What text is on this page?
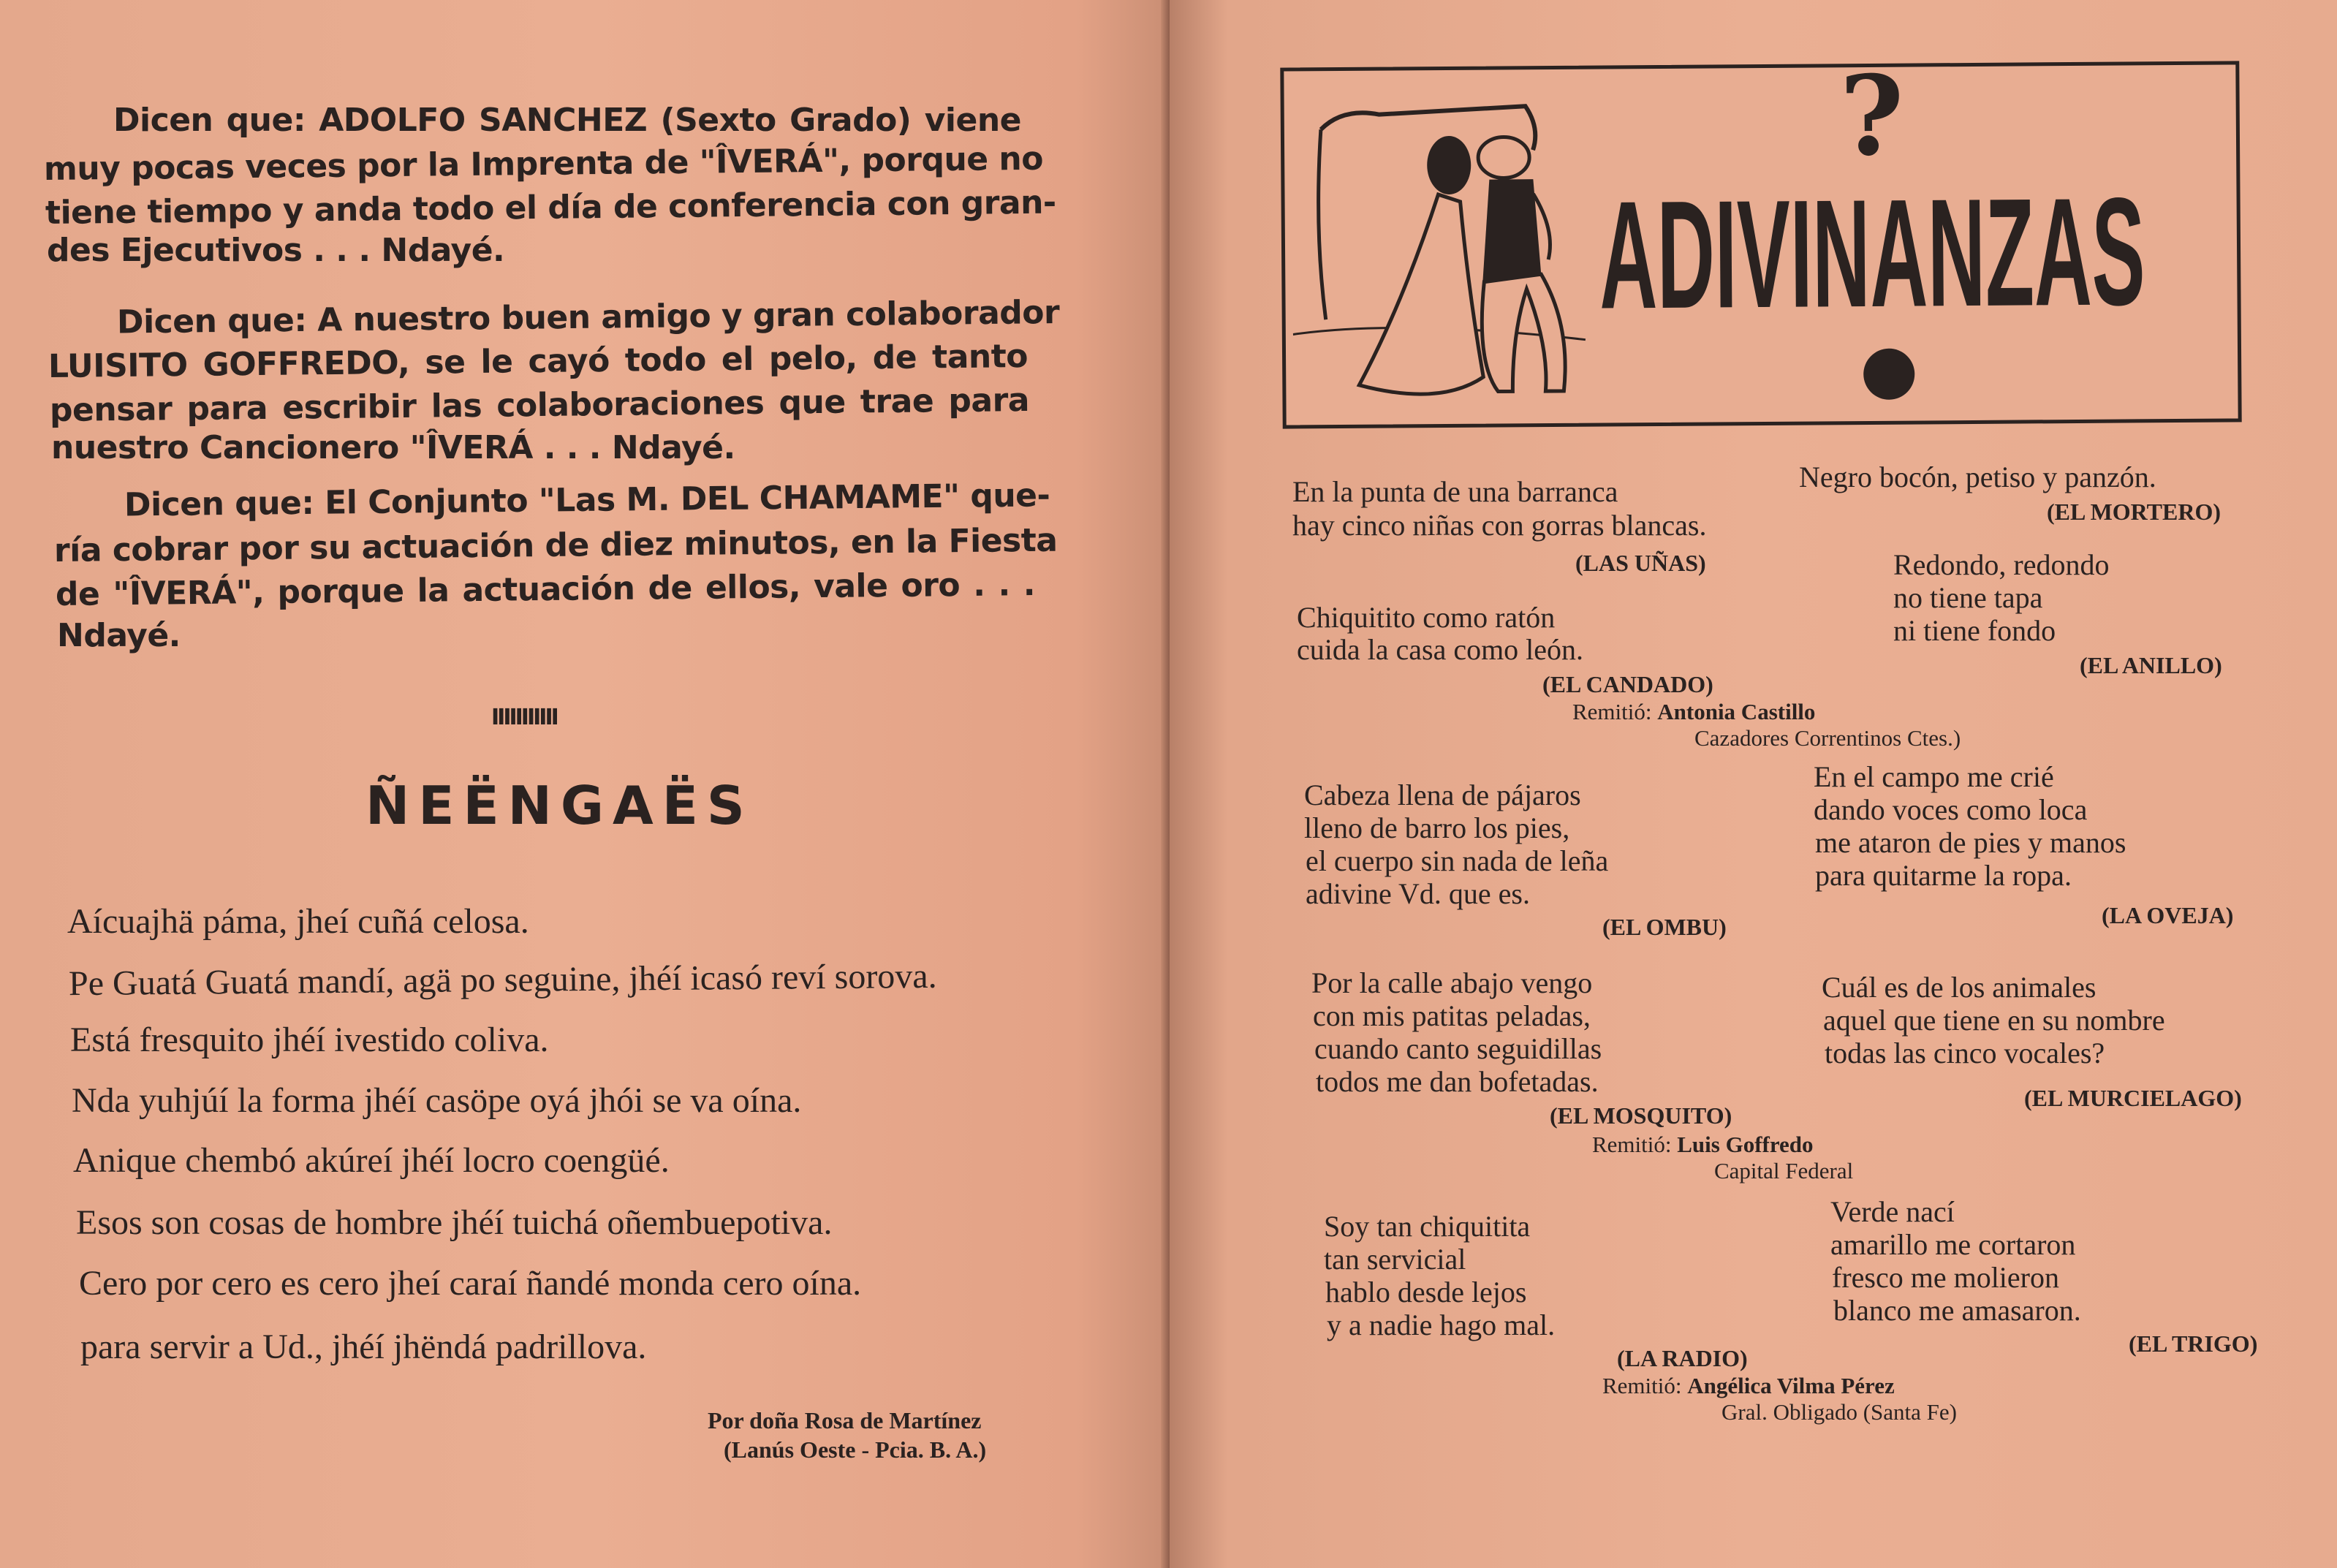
Dicen que: ADOLFO SANCHEZ (Sexto Grado) viene
muy pocas veces por la Imprenta de "ÎVERÁ", porque no
tiene tiempo y anda todo el día de conferencia con gran-
des Ejecutivos . . . Ndayé.
Dicen que: A nuestro buen amigo y gran colaborador
LUISITO GOFFREDO, se le cayó todo el pelo, de tanto
pensar para escribir las colaboraciones que trae para
nuestro Cancionero "ÎVERÁ . . . Ndayé.
Dicen que: El Conjunto "Las M. DEL CHAMAME" que-
ría cobrar por su actuación de diez minutos, en la Fiesta
de "ÎVERÁ", porque la actuación de ellos, vale oro . . .
Ndayé.
IIIIIIIIIII
ÑEËNGAËS
Aícuajhä páma, jheí cuñá celosa.
Pe Guatá Guatá mandí, agä po seguine, jhéí icasó reví sorova.
Está fresquito jhéí ivestido coliva.
Nda yuhjúí la forma jhéí casöpe oyá jhói se va oína.
Anique chembó akúreí jhéí locro coengüé.
Esos son cosas de hombre jhéí tuichá oñembuepotiva.
Cero por cero es cero jheí caraí ñandé monda cero oína.
para servir a Ud., jhéí jhëndá padrillova.
Por doña Rosa de Martínez
(Lanús Oeste - Pcia. B. A.)
?
ADIVINANZAS
En la punta de una barranca
hay cinco niñas con gorras blancas.
(LAS UÑAS)
Negro bocón, petiso y panzón.
(EL MORTERO)
Chiquitito como ratón
cuida la casa como león.
(EL CANDADO)
Redondo, redondo
no tiene tapa
ni tiene fondo
(EL ANILLO)
Remitió: Antonia Castillo
Cazadores Correntinos Ctes.)
Cabeza llena de pájaros
lleno de barro los pies,
el cuerpo sin nada de leña
adivine Vd. que es.
(EL OMBU)
En el campo me crié
dando voces como loca
me ataron de pies y manos
para quitarme la ropa.
(LA OVEJA)
Por la calle abajo vengo
con mis patitas peladas,
cuando canto seguidillas
todos me dan bofetadas.
(EL MOSQUITO)
Cuál es de los animales
aquel que tiene en su nombre
todas las cinco vocales?
(EL MURCIELAGO)
Remitió: Luis Goffredo
Capital Federal
Soy tan chiquitita
tan servicial
hablo desde lejos
y a nadie hago mal.
(LA RADIO)
Verde nací
amarillo me cortaron
fresco me molieron
blanco me amasaron.
(EL TRIGO)
Remitió: Angélica Vilma Pérez
Gral. Obligado (Santa Fe)
